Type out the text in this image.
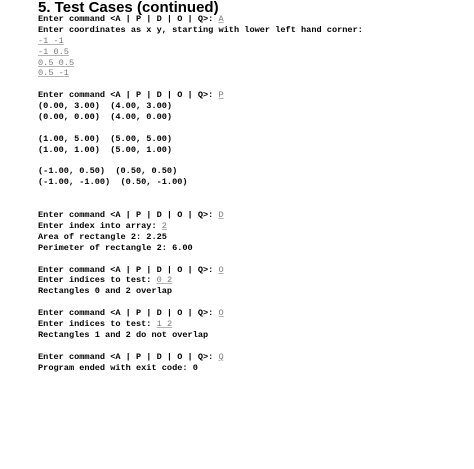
5. Test Cases (continued)
Enter command <A | P | D | O | Q>: A
Enter coordinates as x y, starting with lower left hand corner:
-1 -1
-1 0.5
0.5 0.5
0.5 -1
Enter command <A | P | D | O | Q>: P
(0.00, 3.00)  (4.00, 3.00)
(0.00, 0.00)  (4.00, 0.00)
(1.00, 5.00)  (5.00, 5.00)
(1.00, 1.00)  (5.00, 1.00)
(-1.00, 0.50)  (0.50, 0.50)
(-1.00, -1.00)  (0.50, -1.00)
Enter command <A | P | D | O | Q>: D
Enter index into array: 2
Area of rectangle 2: 2.25
Perimeter of rectangle 2: 6.00
Enter command <A | P | D | O | Q>: O
Enter indices to test: 0 2
Rectangles 0 and 2 overlap
Enter command <A | P | D | O | Q>: O
Enter indices to test: 1 2
Rectangles 1 and 2 do not overlap
Enter command <A | P | D | O | Q>: Q
Program ended with exit code: 0
